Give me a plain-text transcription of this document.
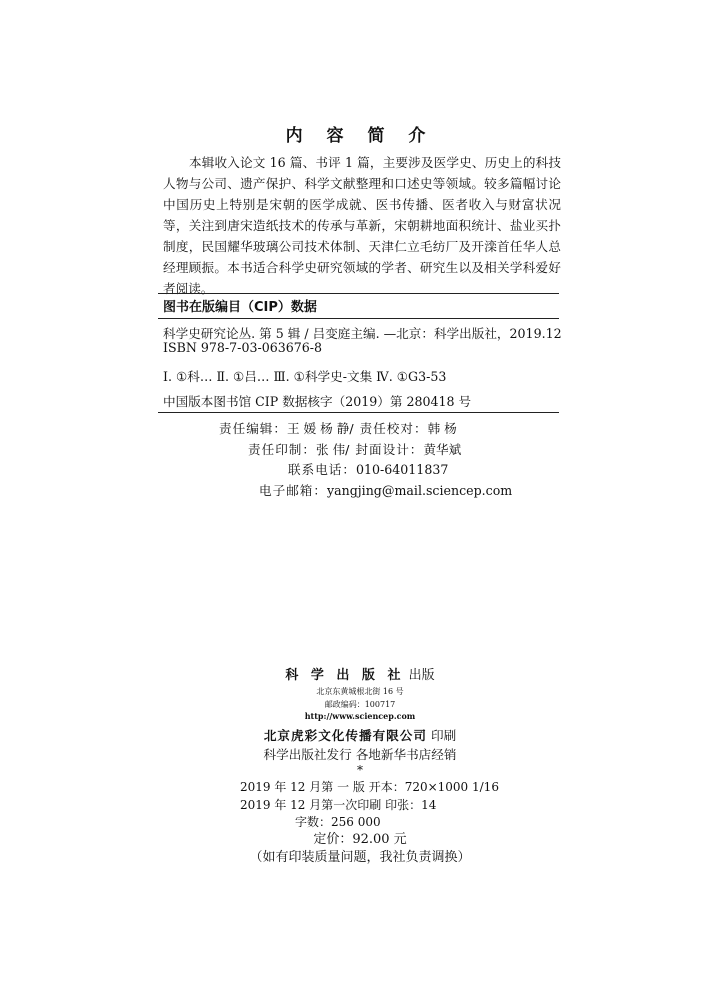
内 容 简 介

本辑收入论文 16 篇、书评 1 篇，主要涉及医学史、历史上的科技人物与公司、遗产保护、科学文献整理和口述史等领域。较多篇幅讨论中国历史上特别是宋朝的医学成就、医书传播、医者收入与财富状况等，关注到唐宋造纸技术的传承与革新，宋朝耕地面积统计、盐业买扑制度，民国耀华玻璃公司技术体制、天津仁立毛纺厂及开滦首任华人总经理顾振。本书适合科学史研究领域的学者、研究生以及相关学科爱好者阅读。

图书在版编目（CIP）数据
科学史研究论丛. 第 5 辑 / 吕变庭主编. —北京：科学出版社，2019.12
ISBN 978-7-03-063676-8
Ⅰ. ①科… Ⅱ. ①吕… Ⅲ. ①科学史-文集 Ⅳ. ①G3-53
中国版本图书馆 CIP 数据核字（2019）第 280418 号
责任编辑：王 媛 杨 静/ 责任校对：韩 杨
责任印制：张 伟/ 封面设计：黄华斌
联系电话：010-64011837
电子邮箱：yangjing@mail.sciencep.com
科 学 出 版 社 出版
北京东黄城根北街 16 号
邮政编码：100717
http://www.sciencep.com
北京虎彩文化传播有限公司 印刷
科学出版社发行 各地新华书店经销
*
2019 年 12 月第 一 版 开本：720×1000 1/16
2019 年 12 月第一次印刷 印张：14
字数：256 000
定价：92.00 元
（如有印装质量问题，我社负责调换）
